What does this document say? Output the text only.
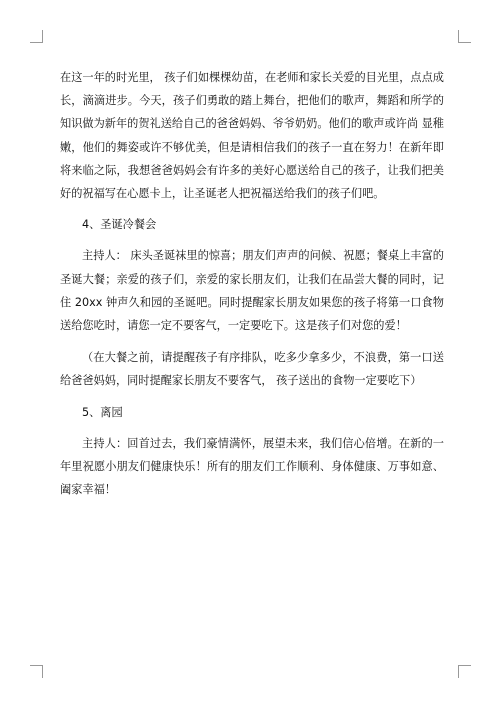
在这一年的时光里， 孩子们如棵棵幼苗，在老师和家长关爱的目光里，点点成长，滴滴进步。今天，孩子们勇敢的踏上舞台，把他们的歌声，舞蹈和所学的知识做为新年的贺礼送给自己的爸爸妈妈、爷爷奶奶。他们的歌声或许尚 显稚嫩，他们的舞姿或许不够优美，但是请相信我们的孩子一直在努力！在新年即将来临之际，我想爸爸妈妈会有许多的美好心愿送给自己的孩子，让我们把美好的祝福写在心愿卡上，让圣诞老人把祝福送给我们的孩子们吧。

4、圣诞冷餐会

主持人： 床头圣诞袜里的惊喜；朋友们声声的问候、祝愿；餐桌上丰富的圣诞大餐；亲爱的孩子们，亲爱的家长朋友们，让我们在品尝大餐的同时，记住 20xx 钟声久和园的圣诞吧。同时提醒家长朋友如果您的孩子将第一口食物送给您吃时，请您一定不要客气，一定要吃下。这是孩子们对您的爱！

（在大餐之前，请提醒孩子有序排队，吃多少拿多少，不浪费，第一口送给爸爸妈妈，同时提醒家长朋友不要客气， 孩子送出的食物一定要吃下）

5、离园

主持人：回首过去，我们豪情满怀，展望未来，我们信心倍增。在新的一年里祝愿小朋友们健康快乐！所有的朋友们工作顺利、身体健康、万事如意、阖家幸福！
